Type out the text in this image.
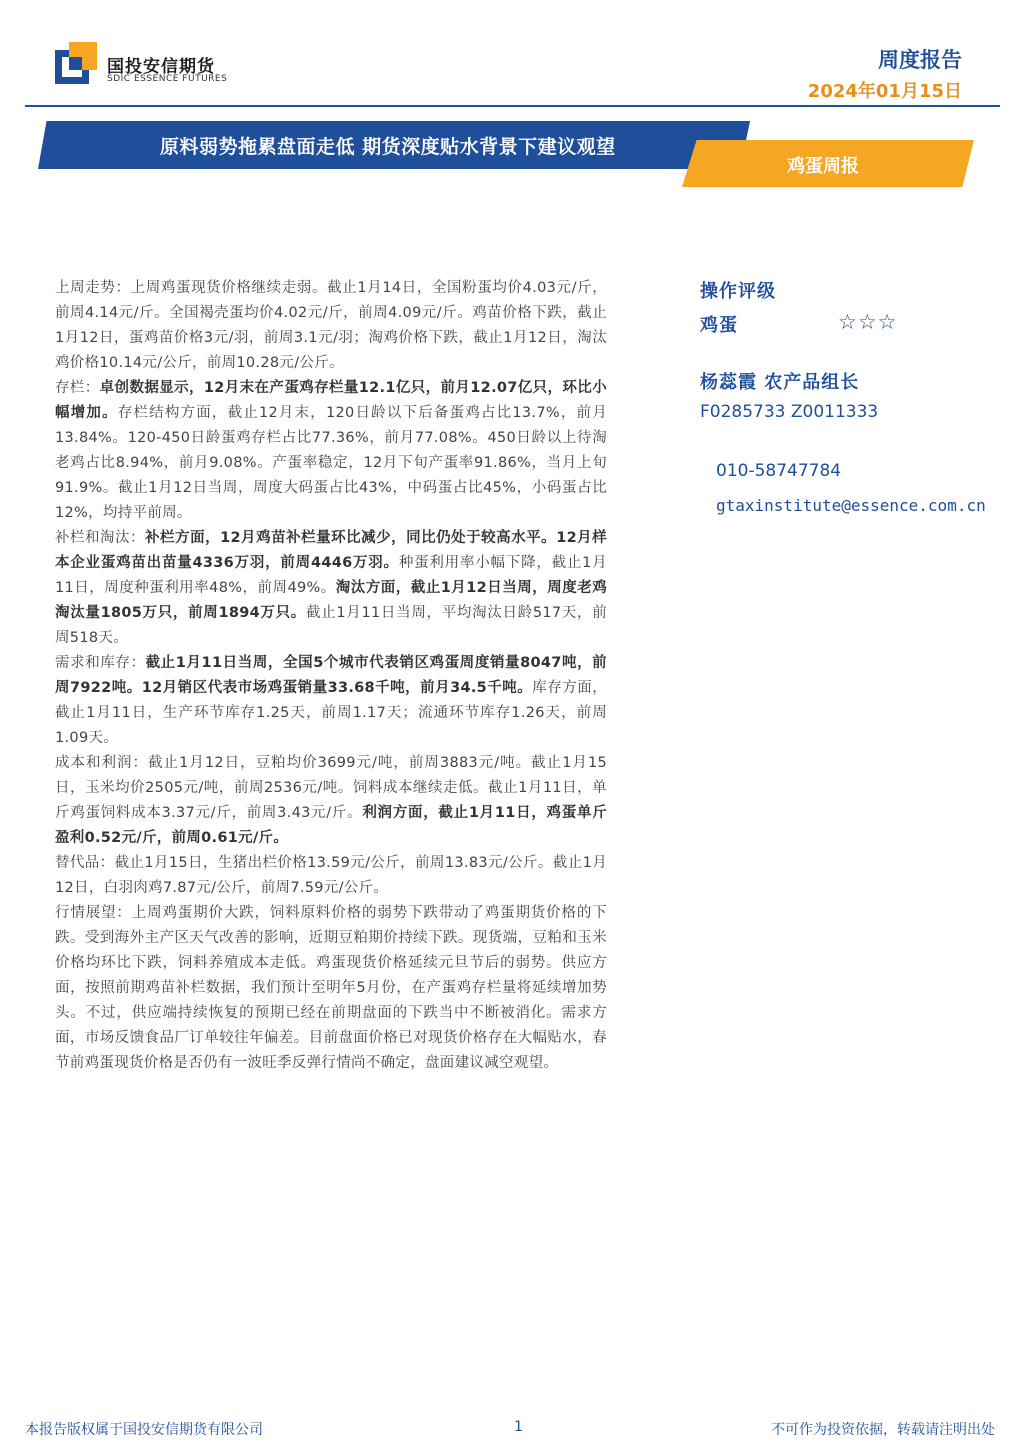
国投安信期货
SDIC ESSENCE FUTURES
周度报告
2024年01月15日
原料弱势拖累盘面走低 期货深度贴水背景下建议观望
鸡蛋周报

上周走势：上周鸡蛋现货价格继续走弱。截止1月14日，全国粉蛋均价4.03元/斤，前周4.14元/斤。全国褐壳蛋均价4.02元/斤，前周4.09元/斤。鸡苗价格下跌，截止1月12日，蛋鸡苗价格3元/羽，前周3.1元/羽；淘鸡价格下跌，截止1月12日，淘汰鸡价格10.14元/公斤，前周10.28元/公斤。

存栏：卓创数据显示，12月末在产蛋鸡存栏量12.1亿只，前月12.07亿只，环比小幅增加。存栏结构方面，截止12月末，120日龄以下后备蛋鸡占比13.7%，前月13.84%。120-450日龄蛋鸡存栏占比77.36%，前月77.08%。450日龄以上待淘老鸡占比8.94%，前月9.08%。产蛋率稳定，12月下旬产蛋率91.86%，当月上旬91.9%。截止1月12日当周，周度大码蛋占比43%，中码蛋占比45%，小码蛋占比12%，均持平前周。

补栏和淘汰：补栏方面，12月鸡苗补栏量环比减少，同比仍处于较高水平。12月样本企业蛋鸡苗出苗量4336万羽，前周4446万羽。种蛋利用率小幅下降，截止1月11日，周度种蛋利用率48%，前周49%。淘汰方面，截止1月12日当周，周度老鸡淘汰量1805万只，前周1894万只。截止1月11日当周，平均淘汰日龄517天，前周518天。

需求和库存：截止1月11日当周，全国5个城市代表销区鸡蛋周度销量8047吨，前周7922吨。12月销区代表市场鸡蛋销量33.68千吨，前月34.5千吨。库存方面，截止1月11日，生产环节库存1.25天，前周1.17天；流通环节库存1.26天，前周1.09天。

成本和利润：截止1月12日，豆粕均价3699元/吨，前周3883元/吨。截止1月15日，玉米均价2505元/吨，前周2536元/吨。饲料成本继续走低。截止1月11日，单斤鸡蛋饲料成本3.37元/斤，前周3.43元/斤。利润方面，截止1月11日，鸡蛋单斤盈利0.52元/斤，前周0.61元/斤。

替代品：截止1月15日，生猪出栏价格13.59元/公斤，前周13.83元/公斤。截止1月12日，白羽肉鸡7.87元/公斤，前周7.59元/公斤。

行情展望：上周鸡蛋期价大跌，饲料原料价格的弱势下跌带动了鸡蛋期货价格的下跌。受到海外主产区天气改善的影响，近期豆粕期价持续下跌。现货端，豆粕和玉米价格均环比下跌，饲料养殖成本走低。鸡蛋现货价格延续元旦节后的弱势。供应方面，按照前期鸡苗补栏数据，我们预计至明年5月份，在产蛋鸡存栏量将延续增加势头。不过，供应端持续恢复的预期已经在前期盘面的下跌当中不断被消化。需求方面，市场反馈食品厂订单较往年偏差。目前盘面价格已对现货价格存在大幅贴水，春节前鸡蛋现货价格是否仍有一波旺季反弹行情尚不确定，盘面建议减空观望。

操作评级
鸡蛋	☆☆☆
杨蕊霞 农产品组长
F0285733 Z0011333
010-58747784
gtaxinstitute@essence.com.cn
本报告版权属于国投安信期货有限公司	1	不可作为投资依据，转载请注明出处
